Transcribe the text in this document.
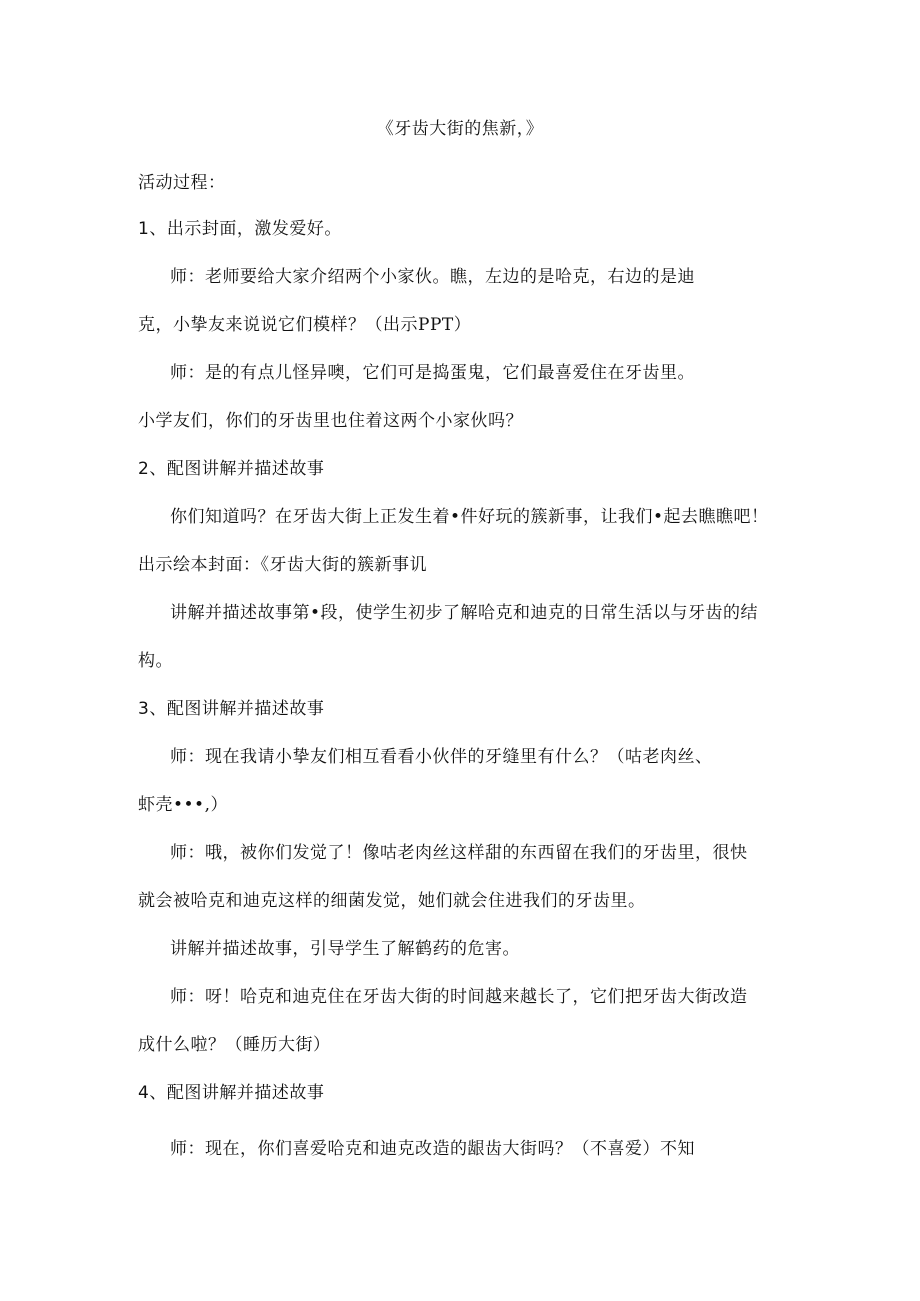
《牙齿大街的焦新，》
活动过程：
1、出示封面，激发爱好。
师：老师要给大家介绍两个小家伙。瞧，左边的是哈克，右边的是迪
克，小挚友来说说它们模样？（出示PPT）
师：是的有点儿怪异噢，它们可是捣蛋鬼，它们最喜爱住在牙齿里。
小学友们，你们的牙齿里也住着这两个小家伙吗？
2、配图讲解并描述故事
你们知道吗？在牙齿大街上正发生着•件好玩的簇新事，让我们•起去瞧瞧吧！
出示绘本封面：《牙齿大街的簇新事讥
讲解并描述故事第•段，使学生初步了解哈克和迪克的日常生活以与牙齿的结
构。
3、配图讲解并描述故事
师：现在我请小挚友们相互看看小伙伴的牙缝里有什么？（咕老肉丝、
虾壳•••,）
师：哦，被你们发觉了！像咕老肉丝这样甜的东西留在我们的牙齿里，很快
就会被哈克和迪克这样的细菌发觉，她们就会住进我们的牙齿里。
讲解并描述故事，引导学生了解鹤药的危害。
师：呀！哈克和迪克住在牙齿大街的时间越来越长了，它们把牙齿大街改造
成什么啦？（睡历大街）
4、配图讲解并描述故事
师：现在，你们喜爱哈克和迪克改造的龈齿大街吗？（不喜爱）不知
